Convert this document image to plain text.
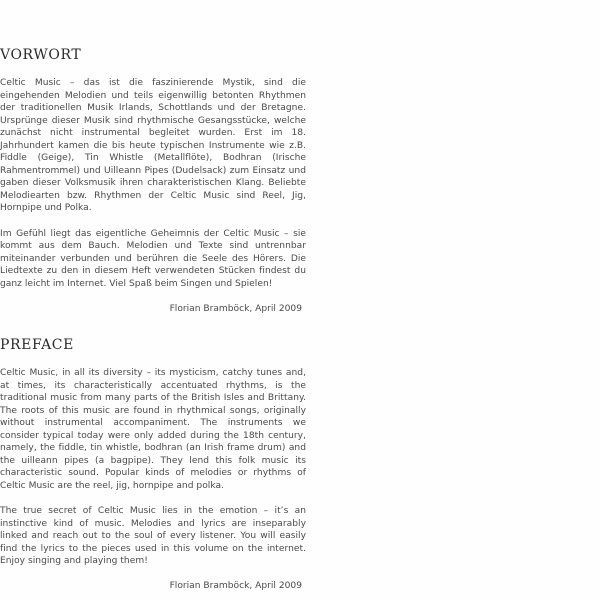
vorwort

Celtic Music – das ist die faszinierende Mystik, sind die eingehenden Melodien und teils eigenwillig betonten Rhythmen der traditionellen Musik Irlands, Schottlands und der Bretagne. Ursprünge dieser Musik sind rhythmische Gesangsstücke, welche zunächst nicht instrumental begleitet wurden. Erst im 18. Jahrhundert kamen die bis heute typischen Instrumente wie z.B. Fiddle (Geige), Tin Whistle (Metallflöte), Bodhran (Irische Rahmentrommel) und Uilleann Pipes (Dudelsack) zum Einsatz und gaben dieser Volksmusik ihren charakteristischen Klang. Beliebte Melodiearten bzw. Rhythmen der Celtic Music sind Reel, Jig, Hornpipe und Polka.

Im Gefühl liegt das eigentliche Geheimnis der Celtic Music – sie kommt aus dem Bauch. Melodien und Texte sind untrennbar miteinander verbunden und berühren die Seele des Hörers. Die Liedtexte zu den in diesem Heft verwendeten Stücken findest du ganz leicht im Internet. Viel Spaß beim Singen und Spielen!

Florian Bramböck, April 2009

preface

Celtic Music, in all its diversity – its mysticism, catchy tunes and, at times, its characteristically accentuated rhythms, is the traditional music from many parts of the British Isles and Brittany. The roots of this music are found in rhythmical songs, originally without instrumental accompaniment. The instruments we consider typical today were only added during the 18th century, namely, the fiddle, tin whistle, bodhran (an Irish frame drum) and the uilleann pipes (a bagpipe). They lend this folk music its characteristic sound. Popular kinds of melodies or rhythms of Celtic Music are the reel, jig, hornpipe and polka.

The true secret of Celtic Music lies in the emotion – it’s an instinctive kind of music. Melodies and lyrics are inseparably linked and reach out to the soul of every listener. You will easily find the lyrics to the pieces used in this volume on the internet. Enjoy singing and playing them!

Florian Bramböck, April 2009
